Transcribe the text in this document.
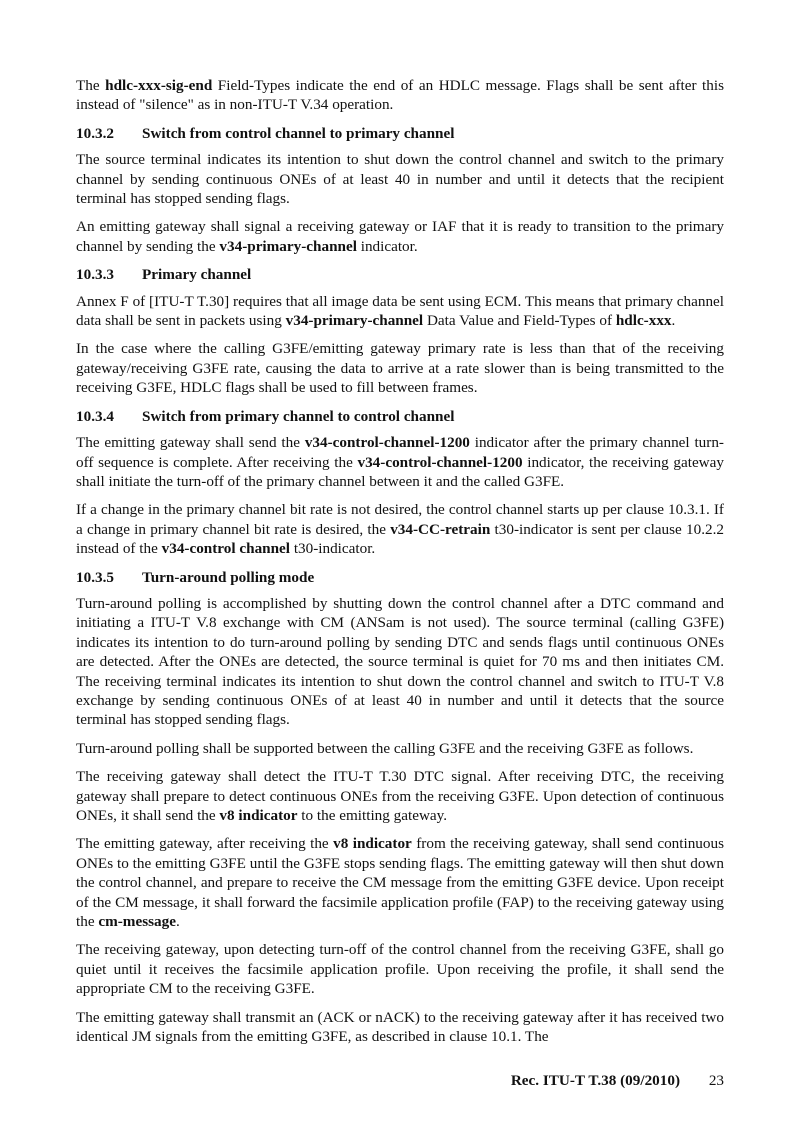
The hdlc-xxx-sig-end Field-Types indicate the end of an HDLC message. Flags shall be sent after this instead of "silence" as in non-ITU-T V.34 operation.

10.3.2 Switch from control channel to primary channel

The source terminal indicates its intention to shut down the control channel and switch to the primary channel by sending continuous ONEs of at least 40 in number and until it detects that the recipient terminal has stopped sending flags.

An emitting gateway shall signal a receiving gateway or IAF that it is ready to transition to the primary channel by sending the v34-primary-channel indicator.

10.3.3 Primary channel

Annex F of [ITU-T T.30] requires that all image data be sent using ECM. This means that primary channel data shall be sent in packets using v34-primary-channel Data Value and Field-Types of hdlc-xxx.

In the case where the calling G3FE/emitting gateway primary rate is less than that of the receiving gateway/receiving G3FE rate, causing the data to arrive at a rate slower than is being transmitted to the receiving G3FE, HDLC flags shall be used to fill between frames.

10.3.4 Switch from primary channel to control channel

The emitting gateway shall send the v34-control-channel-1200 indicator after the primary channel turn-off sequence is complete. After receiving the v34-control-channel-1200 indicator, the receiving gateway shall initiate the turn-off of the primary channel between it and the called G3FE.

If a change in the primary channel bit rate is not desired, the control channel starts up per clause 10.3.1. If a change in primary channel bit rate is desired, the v34-CC-retrain t30-indicator is sent per clause 10.2.2 instead of the v34-control channel t30-indicator.

10.3.5 Turn-around polling mode

Turn-around polling is accomplished by shutting down the control channel after a DTC command and initiating a ITU-T V.8 exchange with CM (ANSam is not used). The source terminal (calling G3FE) indicates its intention to do turn-around polling by sending DTC and sends flags until continuous ONEs are detected. After the ONEs are detected, the source terminal is quiet for 70 ms and then initiates CM. The receiving terminal indicates its intention to shut down the control channel and switch to ITU-T V.8 exchange by sending continuous ONEs of at least 40 in number and until it detects that the source terminal has stopped sending flags.

Turn-around polling shall be supported between the calling G3FE and the receiving G3FE as follows.

The receiving gateway shall detect the ITU-T T.30 DTC signal. After receiving DTC, the receiving gateway shall prepare to detect continuous ONEs from the receiving G3FE. Upon detection of continuous ONEs, it shall send the v8 indicator to the emitting gateway.

The emitting gateway, after receiving the v8 indicator from the receiving gateway, shall send continuous ONEs to the emitting G3FE until the G3FE stops sending flags. The emitting gateway will then shut down the control channel, and prepare to receive the CM message from the emitting G3FE device. Upon receipt of the CM message, it shall forward the facsimile application profile (FAP) to the receiving gateway using the cm-message.

The receiving gateway, upon detecting turn-off of the control channel from the receiving G3FE, shall go quiet until it receives the facsimile application profile. Upon receiving the profile, it shall send the appropriate CM to the receiving G3FE.

The emitting gateway shall transmit an (ACK or nACK) to the receiving gateway after it has received two identical JM signals from the emitting G3FE, as described in clause 10.1. The

Rec. ITU-T T.38 (09/2010) 23
